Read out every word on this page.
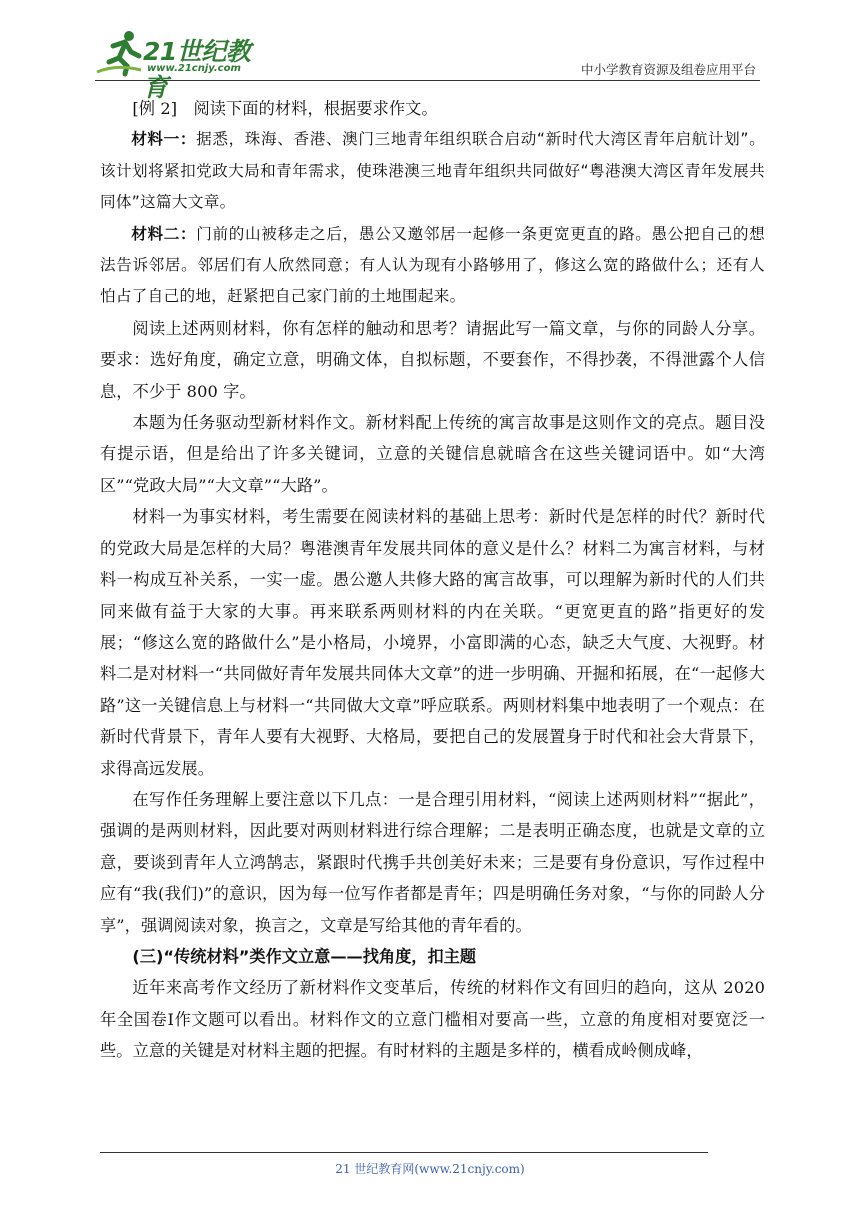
21世纪教育
www.21cnjy.com	中小学教育资源及组卷应用平台

[例 2]　阅读下面的材料，根据要求作文。

材料一：据悉，珠海、香港、澳门三地青年组织联合启动“新时代大湾区青年启航计划”。该计划将紧扣党政大局和青年需求，使珠港澳三地青年组织共同做好“粤港澳大湾区青年发展共同体”这篇大文章。

材料二：门前的山被移走之后，愚公又邀邻居一起修一条更宽更直的路。愚公把自己的想法告诉邻居。邻居们有人欣然同意；有人认为现有小路够用了，修这么宽的路做什么；还有人怕占了自己的地，赶紧把自己家门前的土地围起来。

阅读上述两则材料，你有怎样的触动和思考？请据此写一篇文章，与你的同龄人分享。要求：选好角度，确定立意，明确文体，自拟标题，不要套作，不得抄袭，不得泄露个人信息，不少于 800 字。

本题为任务驱动型新材料作文。新材料配上传统的寓言故事是这则作文的亮点。题目没有提示语，但是给出了许多关键词，立意的关键信息就暗含在这些关键词语中。如“大湾区”“党政大局”“大文章”“大路”。

材料一为事实材料，考生需要在阅读材料的基础上思考：新时代是怎样的时代？新时代的党政大局是怎样的大局？粤港澳青年发展共同体的意义是什么？材料二为寓言材料，与材料一构成互补关系，一实一虚。愚公邀人共修大路的寓言故事，可以理解为新时代的人们共同来做有益于大家的大事。再来联系两则材料的内在关联。“更宽更直的路”指更好的发展；“修这么宽的路做什么”是小格局，小境界，小富即满的心态，缺乏大气度、大视野。材料二是对材料一“共同做好青年发展共同体大文章”的进一步明确、开掘和拓展，在“一起修大路”这一关键信息上与材料一“共同做大文章”呼应联系。两则材料集中地表明了一个观点：在新时代背景下，青年人要有大视野、大格局，要把自己的发展置身于时代和社会大背景下，求得高远发展。

在写作任务理解上要注意以下几点：一是合理引用材料，“阅读上述两则材料”“据此”，强调的是两则材料，因此要对两则材料进行综合理解；二是表明正确态度，也就是文章的立意，要谈到青年人立鸿鹄志，紧跟时代携手共创美好未来；三是要有身份意识，写作过程中应有“我(我们)”的意识，因为每一位写作者都是青年；四是明确任务对象，“与你的同龄人分享”，强调阅读对象，换言之，文章是写给其他的青年看的。

(三)“传统材料”类作文立意——找角度，扣主题

近年来高考作文经历了新材料作文变革后，传统的材料作文有回归的趋向，这从 2020 年全国卷Ⅰ作文题可以看出。材料作文的立意门槛相对要高一些，立意的角度相对要宽泛一些。立意的关键是对材料主题的把握。有时材料的主题是多样的，横看成岭侧成峰，

21 世纪教育网(www.21cnjy.com)
